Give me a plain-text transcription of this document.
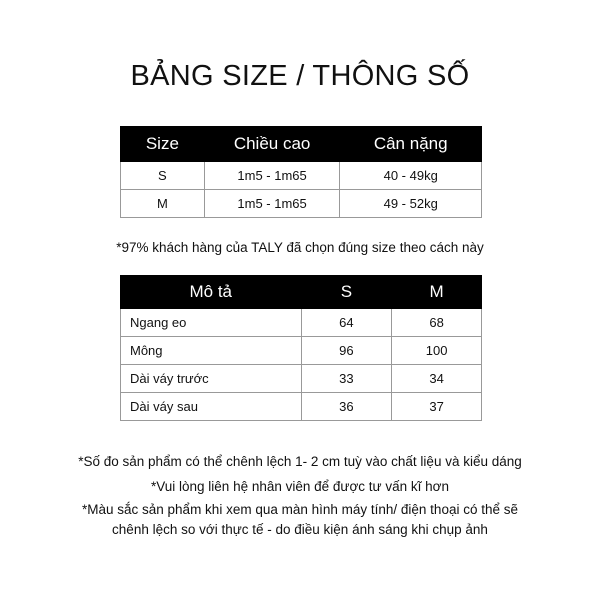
BẢNG SIZE / THÔNG SỐ
Size	Chiều cao	Cân nặng
S	1m5 - 1m65	40 - 49kg
M	1m5 - 1m65	49 - 52kg
*97% khách hàng của TALY đã chọn đúng size theo cách này
Mô tả	S	M
Ngang eo	64	68
Mông	96	100
Dài váy trước	33	34
Dài váy sau	36	37
*Số đo sản phẩm có thể chênh lệch 1- 2 cm tuỳ vào chất liệu và kiểu dáng
*Vui lòng liên hệ nhân viên để được tư vấn kĩ hơn
*Màu sắc sản phẩm khi xem qua màn hình máy tính/ điện thoại có thể sẽ
chênh lệch so với thực tế - do điều kiện ánh sáng khi chụp ảnh
